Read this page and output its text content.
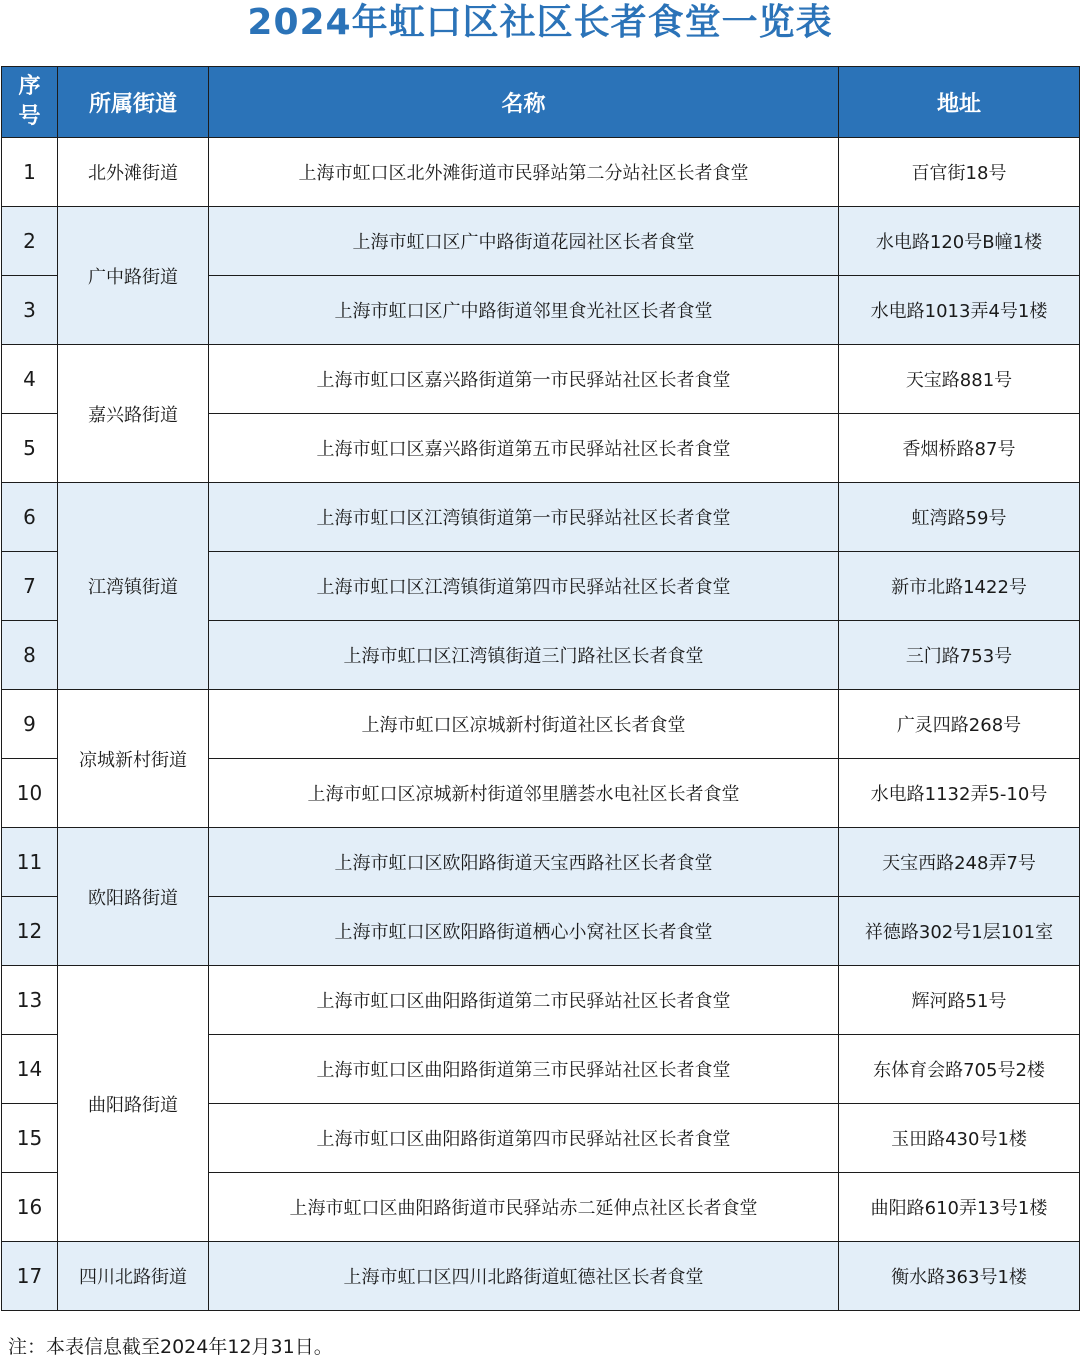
2024年虹口区社区长者食堂一览表
序
号	所属街道	名称	地址
1	北外滩街道	上海市虹口区北外滩街道市民驿站第二分站社区长者食堂	百官街18号
2	广中路街道	上海市虹口区广中路街道花园社区长者食堂	水电路120号B幢1楼
3		上海市虹口区广中路街道邻里食光社区长者食堂	水电路1013弄4号1楼
4	嘉兴路街道	上海市虹口区嘉兴路街道第一市民驿站社区长者食堂	天宝路881号
5		上海市虹口区嘉兴路街道第五市民驿站社区长者食堂	香烟桥路87号
6	江湾镇街道	上海市虹口区江湾镇街道第一市民驿站社区长者食堂	虹湾路59号
7		上海市虹口区江湾镇街道第四市民驿站社区长者食堂	新市北路1422号
8		上海市虹口区江湾镇街道三门路社区长者食堂	三门路753号
9	凉城新村街道	上海市虹口区凉城新村街道社区长者食堂	广灵四路268号
10		上海市虹口区凉城新村街道邻里膳荟水电社区长者食堂	水电路1132弄5-10号
11	欧阳路街道	上海市虹口区欧阳路街道天宝西路社区长者食堂	天宝西路248弄7号
12		上海市虹口区欧阳路街道栖心小窝社区长者食堂	祥德路302号1层101室
13	曲阳路街道	上海市虹口区曲阳路街道第二市民驿站社区长者食堂	辉河路51号
14		上海市虹口区曲阳路街道第三市民驿站社区长者食堂	东体育会路705号2楼
15		上海市虹口区曲阳路街道第四市民驿站社区长者食堂	玉田路430号1楼
16		上海市虹口区曲阳路街道市民驿站赤二延伸点社区长者食堂	曲阳路610弄13号1楼
17	四川北路街道	上海市虹口区四川北路街道虹德社区长者食堂	衡水路363号1楼
注：本表信息截至2024年12月31日。
